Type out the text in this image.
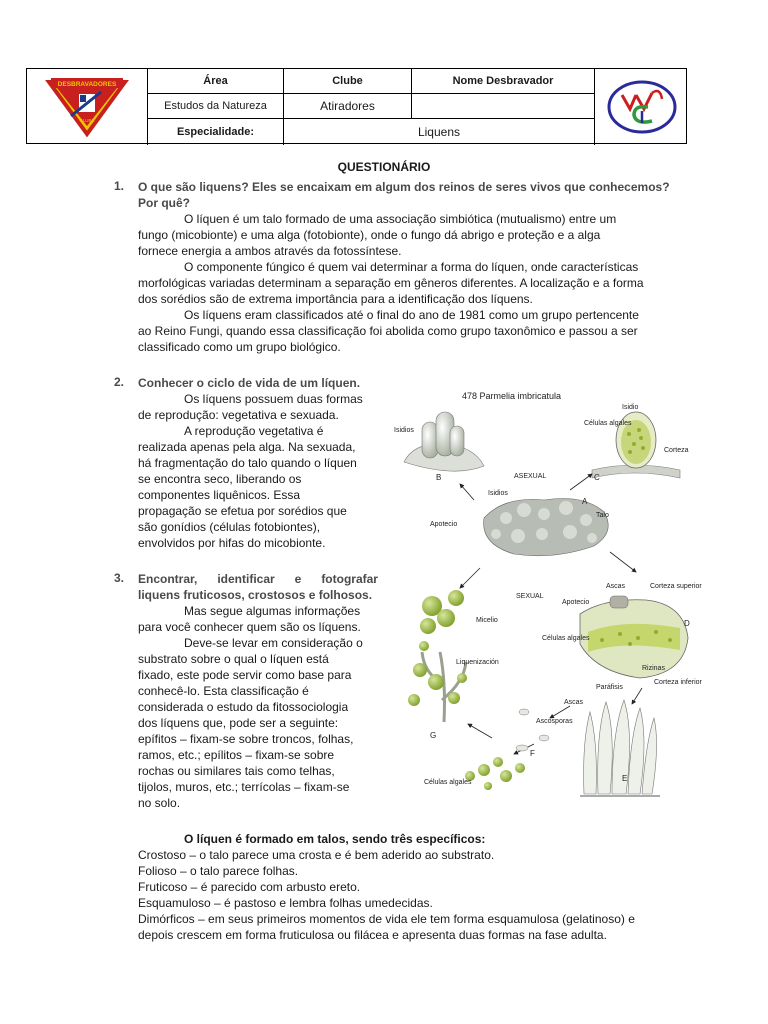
DESBRAVADORES
CLUBE
Área	Clube	Nome Desbravador
Estudos da Natureza	Atiradores
Especialidade:	Liquens
QUESTIONÁRIO
1. O que são liquens? Eles se encaixam em algum dos reinos de seres vivos que conhecemos?
Por quê?
O líquen é um talo formado de uma associação simbiótica (mutualismo) entre um
fungo (micobionte) e uma alga (fotobionte), onde o fungo dá abrigo e proteção e a alga
fornece energia a ambos através da fotossíntese.
O componente fúngico é quem vai determinar a forma do líquen, onde características
morfológicas variadas determinam a separação em gêneros diferentes. A localização e a forma
dos sorédios são de extrema importância para a identificação dos líquens.
Os líquens eram classificados até o final do ano de 1981 como um grupo pertencente
ao Reino Fungi, quando essa classificação foi abolida como grupo taxonômico e passou a ser
classificado como um grupo biológico.
2. Conhecer o ciclo de vida de um líquen.
Os líquens possuem duas formas
de reprodução: vegetativa e sexuada.
A reprodução vegetativa é
realizada apenas pela alga. Na sexuada,
há fragmentação do talo quando o líquen
se encontra seco, liberando os
componentes liquênicos. Essa
propagação se efetua por sorédios que
são gonídios (células fotobiontes),
envolvidos por hifas do micobionte.
3. Encontrar, identificar e fotografar
liquens fruticosos, crostosos e folhosos.
Mas segue algumas informações
para você conhecer quem são os líquens.
Deve-se levar em consideração o
substrato sobre o qual o líquen está
fixado, este pode servir como base para
conhecê-lo. Esta classificação é
considerada o estudo da fitossociologia
dos líquens que, pode ser a seguinte:
epífitos – fixam-se sobre troncos, folhas,
ramos, etc.; epílitos – fixam-se sobre
rochas ou similares tais como telhas,
tijolos, muros, etc.; terrícolas – fixam-se
no solo.
478 Parmelia imbricatula
Isidios
B
Isidio
Células algales
Corteza
C
ASEXUAL
Isidios
Apotecio
Talo
A
SEXUAL
Ascas	Corteza superior
Apotecio
Células algales
Rizinas
Corteza inferior
D
Micelio
Liquenización
G
Paráfisis
Ascas
E
Ascosporas
F
Células algales
O líquen é formado em talos, sendo três específicos:
Crostoso – o talo parece uma crosta e é bem aderido ao substrato.
Folioso – o talo parece folhas.
Fruticoso – é parecido com arbusto ereto.
Esquamuloso – é pastoso e lembra folhas umedecidas.
Dimórficos – em seus primeiros momentos de vida ele tem forma esquamulosa (gelatinoso) e
depois crescem em forma fruticulosa ou filácea e apresenta duas formas na fase adulta.
